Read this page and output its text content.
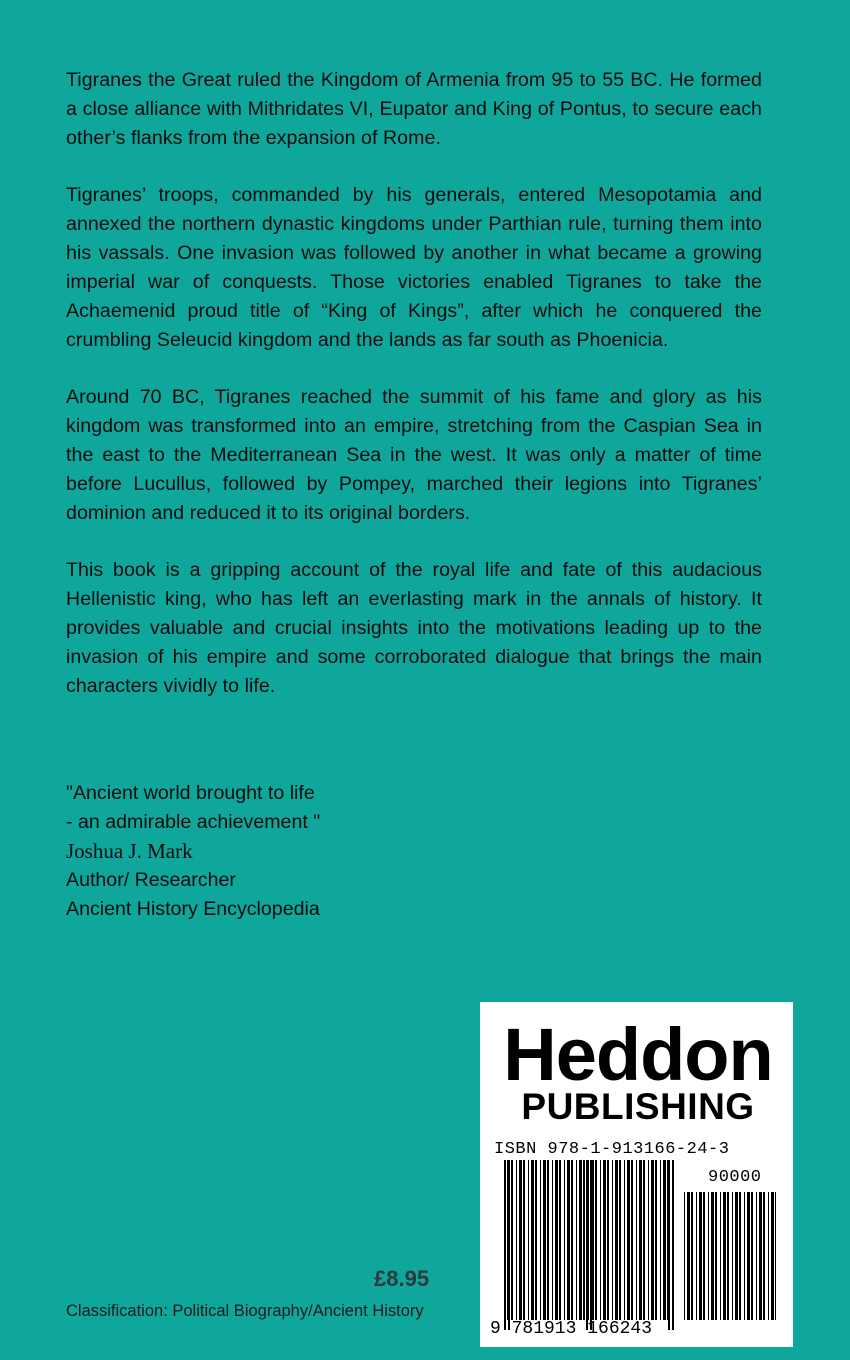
Tigranes the Great ruled the Kingdom of Armenia from 95 to 55 BC. He formed a close alliance with Mithridates VI, Eupator and King of Pontus, to secure each other’s flanks from the expansion of Rome.

Tigranes’ troops, commanded by his generals, entered Mesopotamia and annexed the northern dynastic kingdoms under Parthian rule, turning them into his vassals. One invasion was followed by another in what became a growing imperial war of conquests. Those victories enabled Tigranes to take the Achaemenid proud title of “King of Kings”, after which he conquered the crumbling Seleucid kingdom and the lands as far south as Phoenicia.

Around 70 BC, Tigranes reached the summit of his fame and glory as his kingdom was transformed into an empire, stretching from the Caspian Sea in the east to the Mediterranean Sea in the west. It was only a matter of time before Lucullus, followed by Pompey, marched their legions into Tigranes’ dominion and reduced it to its original borders.

This book is a gripping account of the royal life and fate of this audacious Hellenistic king, who has left an everlasting mark in the annals of history. It provides valuable and crucial insights into the motivations leading up to the invasion of his empire and some corroborated dialogue that brings the main characters vividly to life.

"Ancient world brought to life
- an admirable achievement "
Joshua J. Mark
Author/ Researcher
Ancient History Encyclopedia
£8.95
Classification: Political Biography/Ancient History
Heddon
PUBLISHING
ISBN 978-1-913166-24-3
90000
9 781913 166243
